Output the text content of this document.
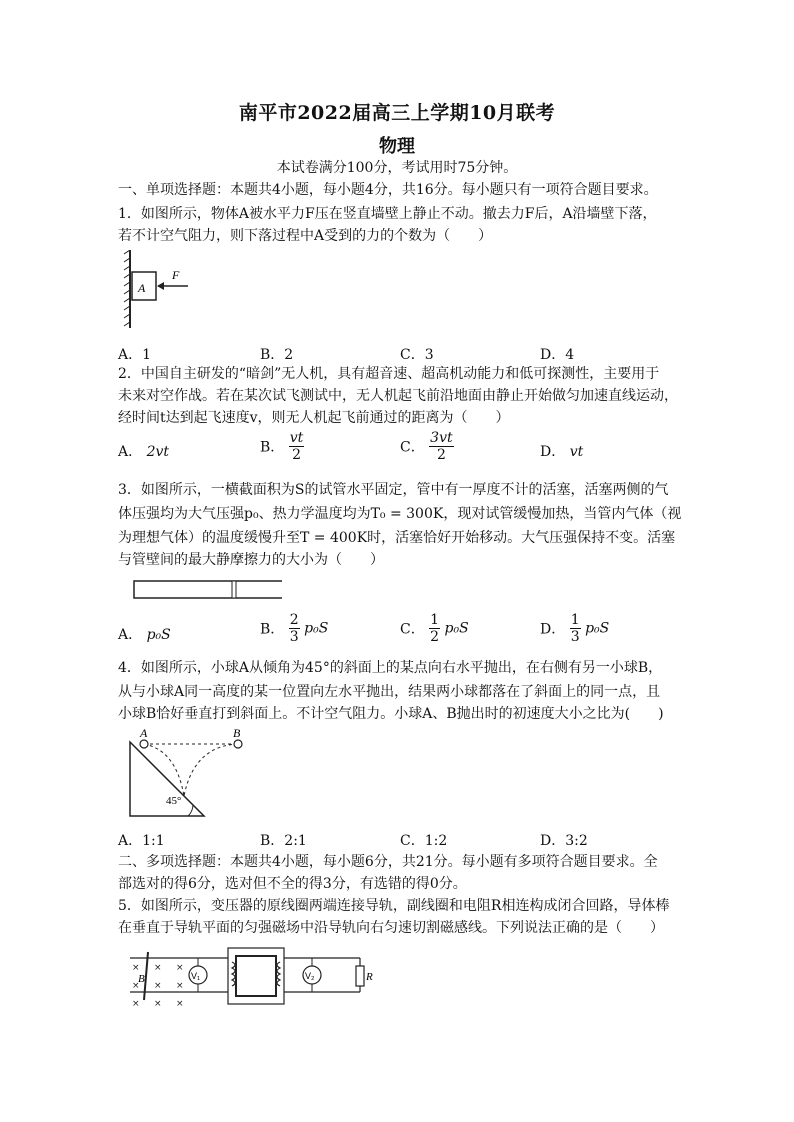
南平市2022届高三上学期10月联考
物理
本试卷满分100分，考试用时75分钟。
一、单项选择题：本题共4小题，每小题4分，共16分。每小题只有一项符合题目要求。
1．如图所示，物体A被水平力F压在竖直墙壁上静止不动。撤去力F后，A沿墙壁下落，
若不计空气阻力，则下落过程中A受到的力的个数为（　　）
A
F
A．1	B．2	C．3	D．4
2．中国自主研发的“暗剑”无人机，具有超音速、超高机动能力和低可探测性，主要用于
未来对空作战。若在某次试飞测试中，无人机起飞前沿地面由静止开始做匀加速直线运动，
经时间t达到起飞速度v，则无人机起飞前通过的距离为（　　）
A． 2vt	B． $\frac{vt}{2}$	C． $\frac{3vt}{2}$	D． vt
3．如图所示，一横截面积为S的试管水平固定，管中有一厚度不计的活塞，活塞两侧的气
体压强均为大气压强p₀、热力学温度均为T₀ = 300K，现对试管缓慢加热，当管内气体（视
为理想气体）的温度缓慢升至T = 400K时，活塞恰好开始移动。大气压强保持不变。活塞
与管壁间的最大静摩擦力的大小为（　　）
A． p₀S	B． $\frac{2}{3} p_0S$	C． $\frac{1}{2} p_0S$	D． $\frac{1}{3} p_0S$
4．如图所示，小球A从倾角为45°的斜面上的某点向右水平抛出，在右侧有另一小球B，
从与小球A同一高度的某一位置向左水平抛出，结果两小球都落在了斜面上的同一点，且
小球B恰好垂直打到斜面上。不计空气阻力。小球A、B抛出时的初速度大小之比为(　　)
A	B
45°
A．1:1	B．2:1	C．1:2	D．3:2
二、多项选择题：本题共4小题，每小题6分，共21分。每小题有多项符合题目要求。全
部选对的得6分，选对但不全的得3分，有选错的得0分。
5．如图所示，变压器的原线圈两端连接导轨，副线圈和电阻R相连构成闭合回路，导体棒
在垂直于导轨平面的匀强磁场中沿导轨向右匀速切割磁感线。下列说法正确的是（　　）
× × ×
× × ×
× × ×
B	V₁	V₂	R
